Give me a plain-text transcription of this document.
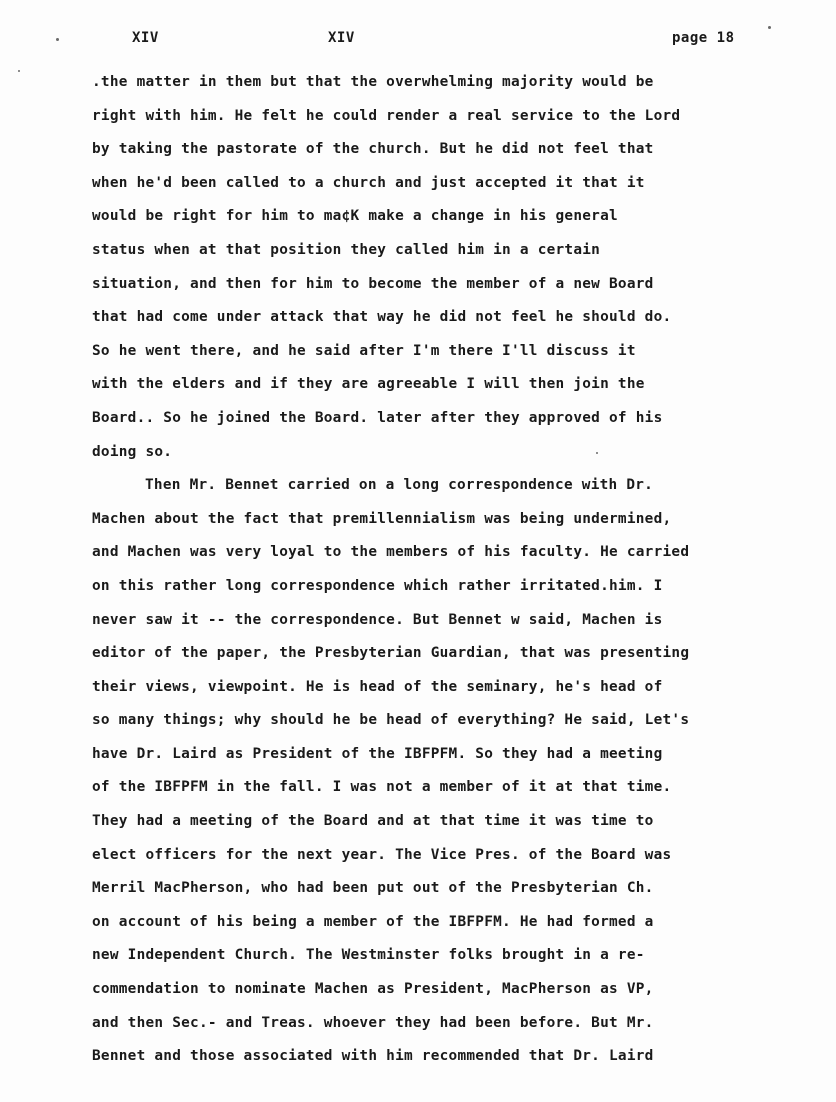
XIV	XIV	page 18
.the matter in them but that the overwhelming majority would be
right with him. He felt he could render a real service to the Lord
by taking the pastorate of the church. But he did not feel that
when he'd been called to a church and just accepted it that it
would be right for him to ma¢K make a change in his general
status when at that position they called him in a certain
situation, and then for him to become the member of a new Board
that had come under attack that way he did not feel he should do.
So he went there, and he said after I'm there I'll discuss it
with the elders and if they are agreeable I will then join the
Board.. So he joined the Board. later after they approved of his
doing so.
Then Mr. Bennet carried on a long correspondence with Dr.
Machen about the fact that premillennialism was being undermined,
and Machen was very loyal to the members of his faculty. He carried
on this rather long correspondence which rather irritated.him. I
never saw it -- the correspondence. But Bennet w said, Machen is
editor of the paper, the Presbyterian Guardian, that was presenting
their views, viewpoint. He is head of the seminary, he's head of
so many things; why should he be head of everything? He said, Let's
have Dr. Laird as President of the IBFPFM. So they had a meeting
of the IBFPFM in the fall. I was not a member of it at that time.
They had a meeting of the Board and at that time it was time to
elect officers for the next year. The Vice Pres. of the Board was
Merril MacPherson, who had been put out of the Presbyterian Ch.
on account of his being a member of the IBFPFM. He had formed a
new Independent Church. The Westminster folks brought in a re-
commendation to nominate Machen as President, MacPherson as VP,
and then Sec.- and Treas. whoever they had been before. But Mr.
Bennet and those associated with him recommended that Dr. Laird
